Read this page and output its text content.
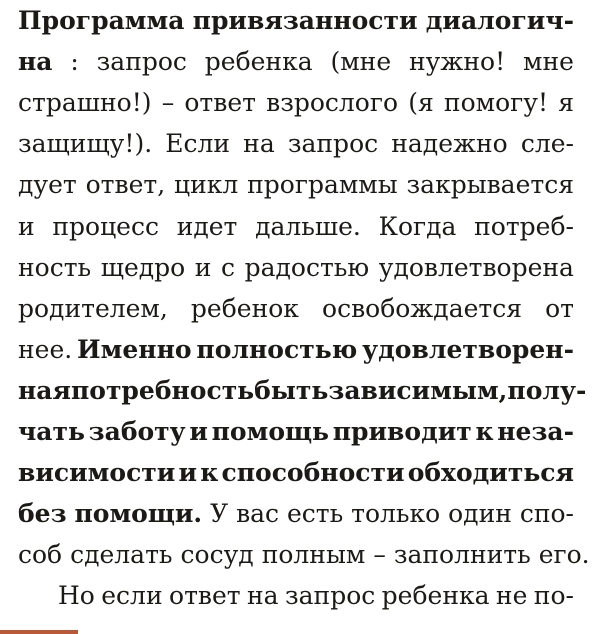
Программа привязанности диалогич-
на : запрос ребенка (мне нужно! мне
страшно!) – ответ взрослого (я помогу! я
защищу!). Если на запрос надежно сле-
дует ответ, цикл программы закрывается
и процесс идет дальше. Когда потреб-
ность щедро и с радостью удовлетворена
родителем, ребенок освобождается от
нее. Именно полностью удовлетворен-
ная потребность быть зависимым, полу-
чать заботу и помощь приводит к неза-
висимости и к способности обходиться
без помощи. У вас есть только один спо-
соб сделать сосуд полным – заполнить его.
Но если ответ на запрос ребенка не по-
